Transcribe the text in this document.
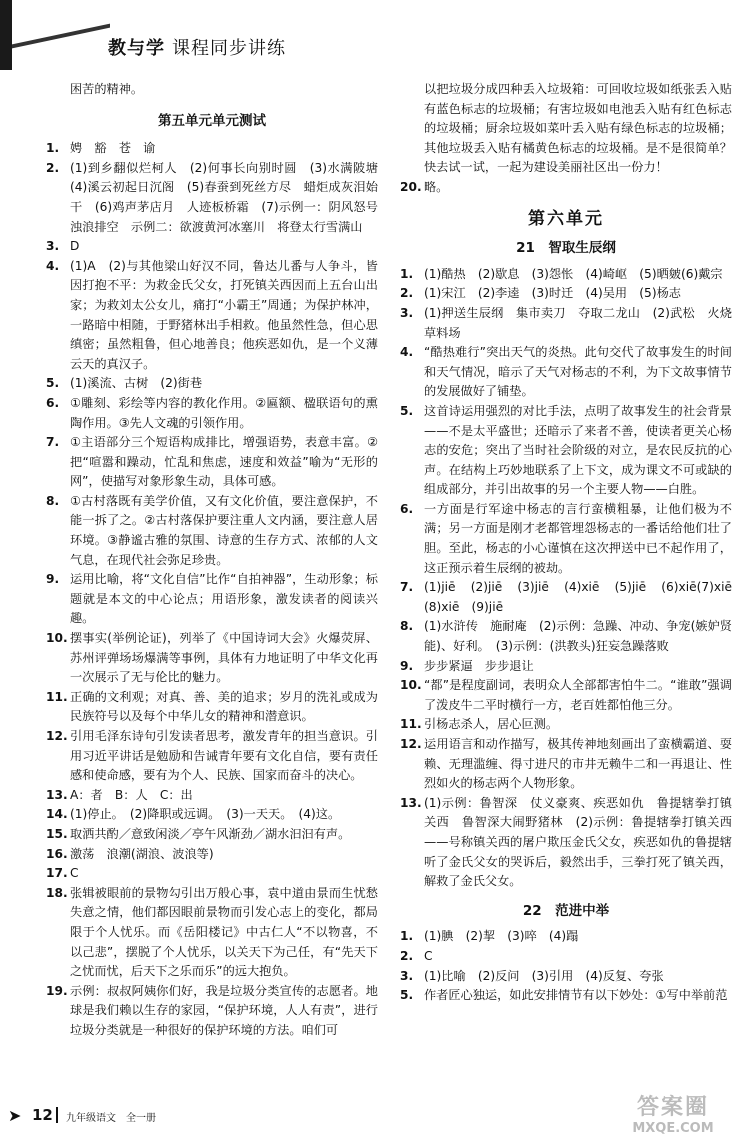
教与学 课程同步讲练

困苦的精神。

第五单元单元测试
1. 娉　豁　苍　谕
2. (1)到乡翻似烂柯人　(2)何事长向别时圆　(3)水满陂塘　(4)溪云初起日沉阁　(5)春蚕到死丝方尽　蜡炬成灰泪始干　(6)鸡声茅店月　人迹板桥霜　(7)示例一：阴风怒号　浊浪排空　示例二：欲渡黄河冰塞川　将登太行雪满山
3. D
4. (1)A　(2)与其他梁山好汉不同，鲁达儿番与人争斗，皆因打抱不平：为救金氏父女，打死镇关西因而上五台山出家；为救刘太公女儿，痛打“小霸王”周通；为保护林冲，一路暗中相随，于野猪林出手相救。他虽然性急，但心思缜密；虽然粗鲁，但心地善良；他疾恶如仇，是一个义薄云天的真汉子。
5. (1)溪流、古树　(2)街巷
6. ①雕刻、彩绘等内容的教化作用。②匾额、楹联语句的熏陶作用。③先人文魂的引领作用。
7. ①主语部分三个短语构成排比，增强语势，表意丰富。②把“喧嚣和躁动，忙乱和焦虑，速度和效益”喻为“无形的网”，使描写对象形象生动，具体可感。
8. ①古村落既有美学价值，又有文化价值，要注意保护，不能一拆了之。②古村落保护要注重人文内涵，要注意人居环境。③静谧古雅的氛围、诗意的生存方式、浓郁的人文气息，在现代社会弥足珍贵。
9. 运用比喻，将“文化自信”比作“自拍神器”，生动形象；标题就是本文的中心论点；用语形象，激发读者的阅读兴趣。
10. 摆事实(举例论证)，列举了《中国诗词大会》火爆荧屏、苏州评弹场场爆满等事例，具体有力地证明了中华文化再一次展示了无与伦比的魅力。
11. 正确的文利观；对真、善、美的追求；岁月的洗礼或成为民族符号以及每个中华儿女的精神和潜意识。
12. 引用毛泽东诗句引发读者思考，激发青年的担当意识。引用习近平讲话是勉励和告诫青年要有文化自信，要有责任感和使命感，要有为个人、民族、国家而奋斗的决心。
13. A：者　B：人　C：出
14. (1)停止。　(2)降职或远调。　(3)一天天。　(4)这。
15. 取洒共酌／意致闲淡／亭午风渐劲／湖水汩汩有声。
16. 激荡　浪潮(湖浪、波浪等)
17. C
18. 张辑被眼前的景物勾引出万般心事，袁中道由景而生忧愁失意之情，他们都因眼前景物而引发心志上的变化，都局限于个人忧乐。而《岳阳楼记》中古仁人“不以物喜，不以己悲”，摆脱了个人忧乐，以关天下为己任，有“先天下之忧而忧，后天下之乐而乐”的远大抱负。
19. 示例：叔叔阿姨你们好，我是垃圾分类宣传的志愿者。地球是我们赖以生存的家园，“保护环境，人人有责”，进行垃圾分类就是一种很好的保护环境的方法。咱们可

以把垃圾分成四种丢入垃圾箱：可回收垃圾如纸张丢入贴有蓝色标志的垃圾桶；有害垃圾如电池丢入贴有红色标志的垃圾桶；厨余垃圾如菜叶丢入贴有绿色标志的垃圾桶；其他垃圾丢入贴有橘黄色标志的垃圾桶。是不是很简单？快去试一试，一起为建设美丽社区出一份力！

20. 略。
第六单元
21　智取生辰纲
1. (1)酷热　(2)歇息　(3)怨怅　(4)崎岖　(5)晒皴(6)戴宗
2. (1)宋江　(2)李逵　(3)时迁　(4)吴用　(5)杨志
3. (1)押送生辰纲　集市卖刀　夺取二龙山　(2)武松　火烧草料场
4. “酷热难行”突出天气的炎热。此句交代了故事发生的时间和天气情况，暗示了天气对杨志的不利，为下文故事情节的发展做好了铺垫。
5. 这首诗运用强烈的对比手法，点明了故事发生的社会背景——不是太平盛世；还暗示了来者不善，使读者更关心杨志的安危；突出了当时社会阶级的对立，是农民反抗的心声。在结构上巧妙地联系了上下文，成为课文不可或缺的组成部分，并引出故事的另一个主要人物——白胜。
6. 一方面是行军途中杨志的言行蛮横粗暴，让他们极为不满；另一方面是刚才老都管埋怨杨志的一番话给他们壮了胆。至此，杨志的小心谨慎在这次押送中已不起作用了，这正预示着生辰纲的被劫。
7. (1)jiē　(2)jiē　(3)jiē　(4)xiē　(5)jiē　(6)xiē(7)xiē　(8)xiē　(9)jiē
8. (1)水浒传　施耐庵　(2)示例：急躁、冲动、争宠(嫉妒贤能)、好利。　(3)示例：(洪教头)狂妄急躁落败
9. 步步紧逼　步步退让
10. “都”是程度副词，表明众人全部都害怕牛二。“谁敢”强调了泼皮牛二平时横行一方，老百姓都怕他三分。
11. 引杨志杀人，居心叵测。
12. 运用语言和动作描写，极其传神地刻画出了蛮横霸道、耍赖、无理滥缠、得寸进尺的市井无赖牛二和一再退让、性烈如火的杨志两个人物形象。
13. (1)示例：鲁智深　仗义豪爽、疾恶如仇　鲁提辖拳打镇关西　鲁智深大闹野猪林　(2)示例：鲁提辖拳打镇关西——号称镇关西的屠户欺压金氏父女，疾恶如仇的鲁提辖听了金氏父女的哭诉后，毅然出手，三拳打死了镇关西，解救了金氏父女。
22　范进中举
1. (1)腆　(2)挈　(3)啐　(4)蹋
2. C
3. (1)比喻　(2)反问　(3)引用　(4)反复、夸张
5. 作者匠心独运，如此安排情节有以下妙处：①写中举前范
➤ 12 九年级语文　全一册	答案圈
MXQE.COM
